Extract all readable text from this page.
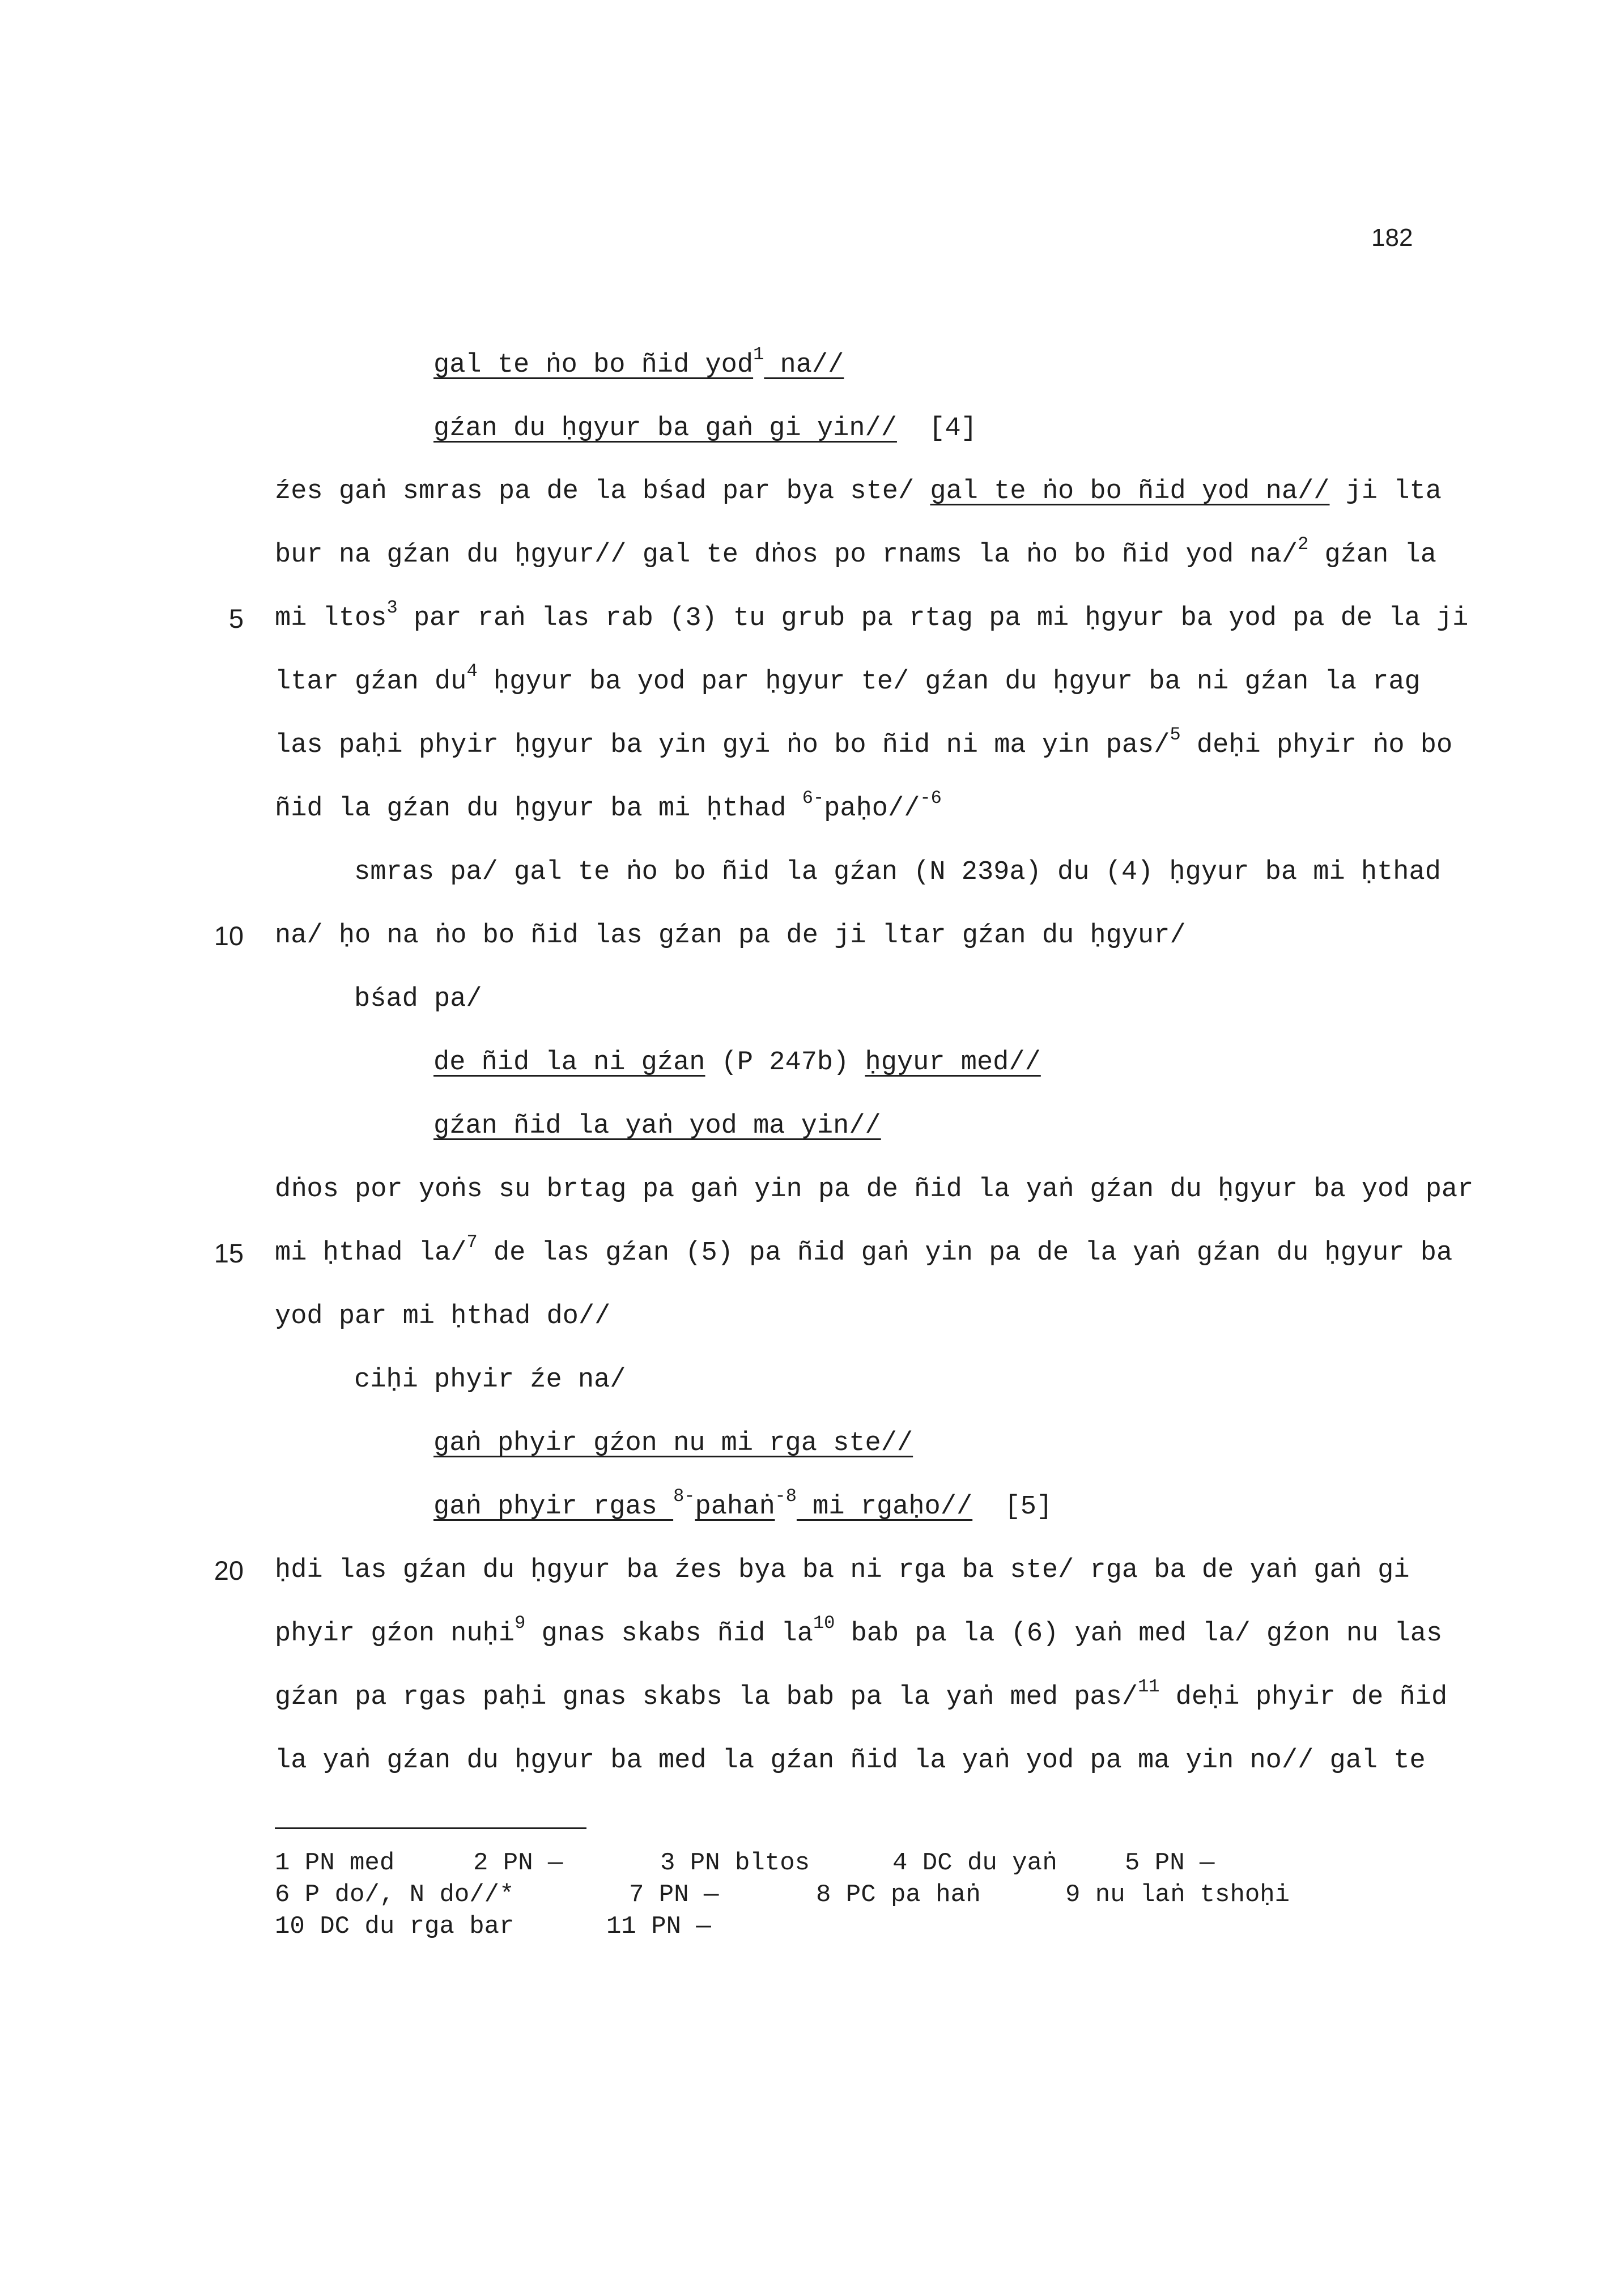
182
gal te ṅo bo ñid yod$^1$ na//
gźan du ḥgyur ba gaṅ gi yin//  [4]
źes gaṅ smras pa de la bśad par bya ste/ gal te ṅo bo ñid yod na// ji lta
bur na gźan du ḥgyur// gal te dṅos po rnams la ṅo bo ñid yod na/$^2$ gźan la
5 mi ltos$^3$ par raṅ las rab (3) tu grub pa rtag pa mi ḥgyur ba yod pa de la ji
ltar gźan $du^4$ ḥgyur ba yod par ḥgyur te/ gźan du ḥgyur ba ni gźan la rag
las paḥi phyir ḥgyur ba yin gyi ṅo bo ñid ni ma yin pas/$^5$ deḥi phyir ṅo bo
ñid la gźan du ḥgyur ba mi ḥthad $^{6-}$paḥo//$^{-6}$
smras pa/ gal te ṅo bo ñid la gźan (N 239a) du (4) ḥgyur ba mi ḥthad
10 na/ ḥo na ṅo bo ñid las gźan pa de ji ltar gźan du ḥgyur/
bśad pa/
de ñid la ni gźan (P 247b) ḥgyur med//
gźan ñid la yaṅ yod ma yin//
dṅos por yoṅs su brtag pa gaṅ yin pa de ñid la yaṅ gźan du ḥgyur ba yod par
15 mi ḥthad la/$^7$ de las gźan (5) pa ñid gaṅ yin pa de la yaṅ gźan du ḥgyur ba
yod par mi ḥthad do//
ciḥi phyir źe na/
gaṅ phyir gźon nu mi rga ste//
gaṅ phyir rgas $^{8-}$pahaṅ$^{-8}$ mi rgaḥo//  [5]
20 ḥdi las gźan du ḥgyur ba źes bya ba ni rga ba ste/ rga ba de yaṅ gaṅ gi
phyir gźon nuḥi$^9$ gnas skabs ñid $la^{10}$ bab pa la (6) yaṅ med la/ gźon nu las
gźan pa rgas paḥi gnas skabs la bab pa la yaṅ med pas/$^{11}$ deḥi phyir de ñid
la yaṅ gźan du ḥgyur ba med la gźan ñid la yaṅ yod pa ma yin no// gal te
1 PN med	2 PN —	3 PN bltos	4 DC du yaṅ	5 PN —
6 P do/, N do//*	7 PN —	8 PC pa haṅ	9 nu laṅ tshoḥi
10 DC du rga bar	11 PN —
